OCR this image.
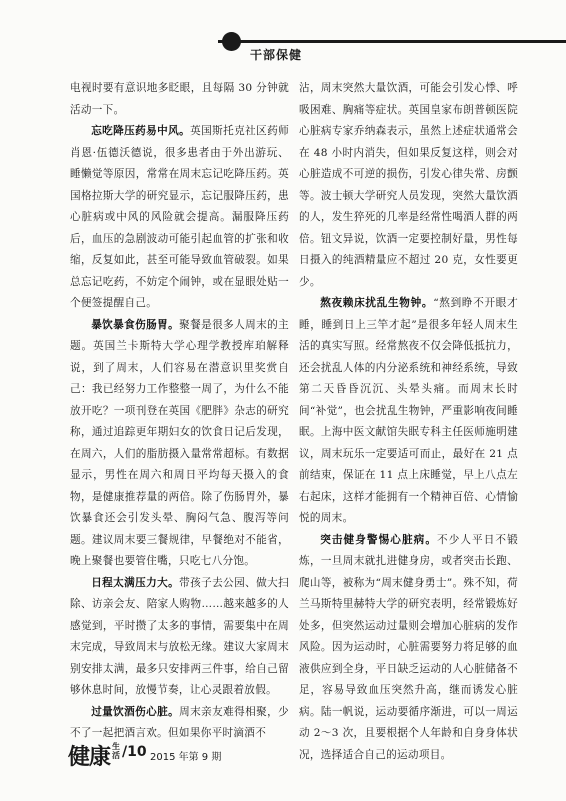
干部保健

电视时要有意识地多眨眼，且每隔 30 分钟就活动一下。

忘吃降压药易中风。英国斯托克社区药师肖恩·伍德沃德说，很多患者由于外出游玩、睡懒觉等原因，常常在周末忘记吃降压药。英国格拉斯大学的研究显示，忘记服降压药，患心脏病或中风的风险就会提高。漏服降压药后，血压的急剧波动可能引起血管的扩张和收缩，反复如此，甚至可能导致血管破裂。如果总忘记吃药，不妨定个闹钟，或在显眼处贴一个便签提醒自己。

暴饮暴食伤肠胃。聚餐是很多人周末的主题。英国兰卡斯特大学心理学教授库珀解释说，到了周末，人们容易在潜意识里奖赏自己：我已经努力工作整整一周了，为什么不能放开吃？一项刊登在英国《肥胖》杂志的研究称，通过追踪更年期妇女的饮食日记后发现，在周六，人们的脂肪摄入量常常超标。有数据显示，男性在周六和周日平均每天摄入的食物，是健康推荐量的两倍。除了伤肠胃外，暴饮暴食还会引发头晕、胸闷气急、腹泻等问题。建议周末要三餐规律，早餐绝对不能省，晚上聚餐也要管住嘴，只吃七八分饱。

日程太满压力大。带孩子去公园、做大扫除、访亲会友、陪家人购物……越来越多的人感觉到，平时攒了太多的事情，需要集中在周末完成，导致周末与放松无缘。建议大家周末别安排太满，最多只安排两三件事，给自己留够休息时间，放慢节奏，让心灵跟着放假。

过量饮酒伤心脏。周末亲友难得相聚，少不了一起把酒言欢。但如果你平时滴酒不

沾，周末突然大量饮酒，可能会引发心悸、呼吸困难、胸痛等症状。英国皇家布朗普顿医院心脏病专家乔纳森表示，虽然上述症状通常会在 48 小时内消失，但如果反复这样，则会对心脏造成不可逆的损伤，引发心律失常、房颤等。波士顿大学研究人员发现，突然大量饮酒的人，发生猝死的几率是经常性喝酒人群的两倍。钮文异说，饮酒一定要控制好量，男性每日摄入的纯酒精量应不超过 20 克，女性要更少。

熬夜赖床扰乱生物钟。“熬到睁不开眼才睡，睡到日上三竿才起”是很多年轻人周末生活的真实写照。经常熬夜不仅会降低抵抗力，还会扰乱人体的内分泌系统和神经系统，导致第二天昏昏沉沉、头晕头痛。而周末长时间“补觉”，也会扰乱生物钟，严重影响夜间睡眠。上海中医文献馆失眠专科主任医师施明建议，周末玩乐一定要适可而止，最好在 21 点前结束，保证在 11 点上床睡觉，早上八点左右起床，这样才能拥有一个精神百倍、心情愉悦的周末。

突击健身警惕心脏病。不少人平日不锻炼，一旦周末就扎进健身房，或者突击长跑、爬山等，被称为“周末健身勇士”。殊不知，荷兰马斯特里赫特大学的研究表明，经常锻炼好处多，但突然运动过量则会增加心脏病的发作风险。因为运动时，心脏需要努力将足够的血液供应到全身，平日缺乏运动的人心脏储备不足，容易导致血压突然升高，继而诱发心脏病。陆一帆说，运动要循序渐进，可以一周运动 2～3 次，且要根据个人年龄和自身身体状况，选择适合自己的运动项目。

健康 生活 /10 2015 年第 9 期
